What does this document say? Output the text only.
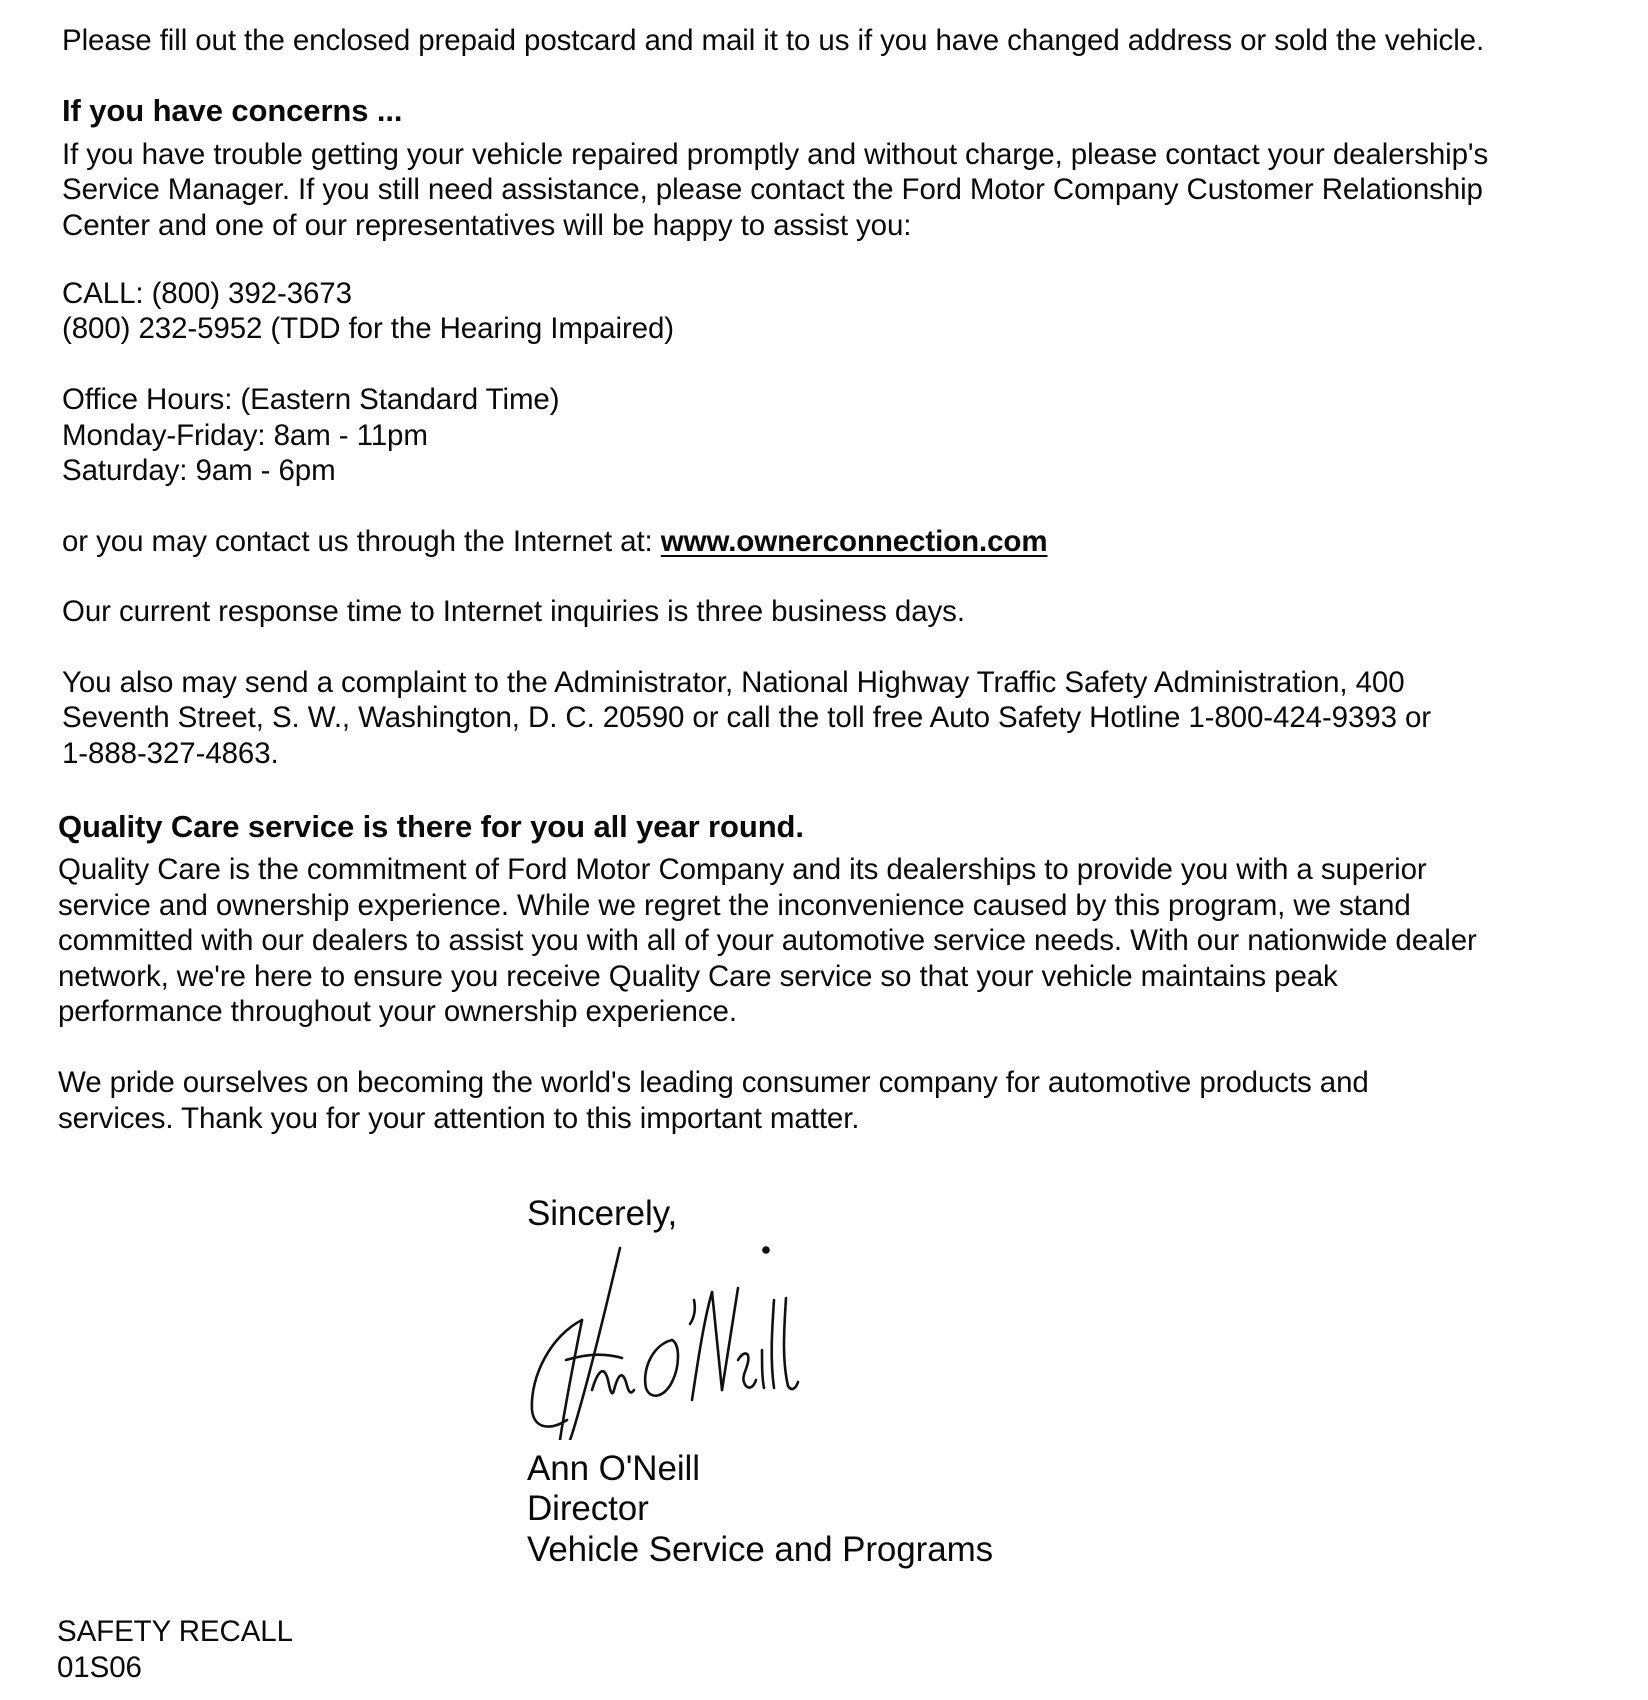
Please fill out the enclosed prepaid postcard and mail it to us if you have changed address or sold the vehicle.
If you have concerns ...
If you have trouble getting your vehicle repaired promptly and without charge, please contact your dealership's
Service Manager. If you still need assistance, please contact the Ford Motor Company Customer Relationship
Center and one of our representatives will be happy to assist you:
CALL: (800) 392-3673
(800) 232-5952 (TDD for the Hearing Impaired)
Office Hours: (Eastern Standard Time)
Monday-Friday: 8am - 11pm
Saturday: 9am - 6pm
or you may contact us through the Internet at: www.ownerconnection.com
Our current response time to Internet inquiries is three business days.
You also may send a complaint to the Administrator, National Highway Traffic Safety Administration, 400
Seventh Street, S. W., Washington, D. C. 20590 or call the toll free Auto Safety Hotline 1-800-424-9393 or
1-888-327-4863.
Quality Care service is there for you all year round.
Quality Care is the commitment of Ford Motor Company and its dealerships to provide you with a superior
service and ownership experience. While we regret the inconvenience caused by this program, we stand
committed with our dealers to assist you with all of your automotive service needs. With our nationwide dealer
network, we're here to ensure you receive Quality Care service so that your vehicle maintains peak
performance throughout your ownership experience.
We pride ourselves on becoming the world's leading consumer company for automotive products and
services. Thank you for your attention to this important matter.
Sincerely,
Ann O'Neill
Director
Vehicle Service and Programs
SAFETY RECALL
01S06
